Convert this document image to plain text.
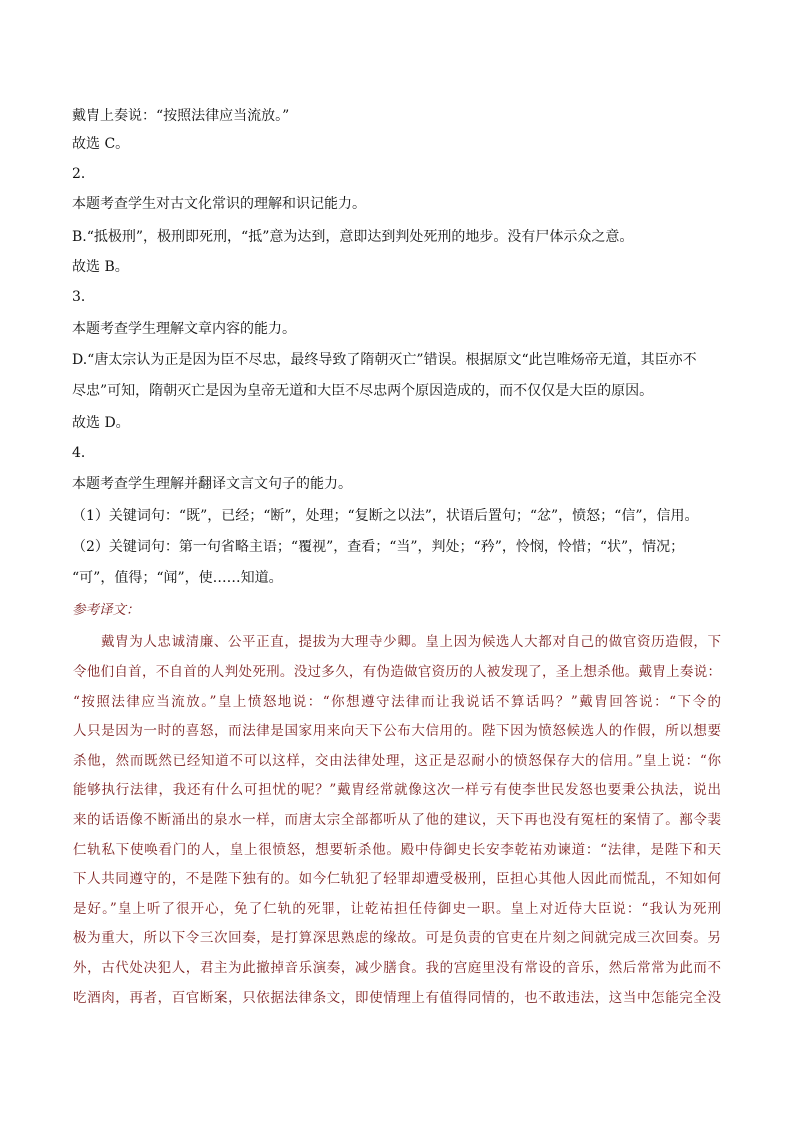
戴胄上奏说：“按照法律应当流放。”
故选 C。
2．
本题考查学生对古文化常识的理解和识记能力。
B.“抵极刑”，极刑即死刑，“抵”意为达到，意即达到判处死刑的地步。没有尸体示众之意。
故选 B。
3．
本题考查学生理解文章内容的能力。
D.“唐太宗认为正是因为臣不尽忠，最终导致了隋朝灭亡”错误。根据原文“此岂唯炀帝无道，其臣亦不
尽忠”可知，隋朝灭亡是因为皇帝无道和大臣不尽忠两个原因造成的，而不仅仅是大臣的原因。
故选 D。
4．
本题考查学生理解并翻译文言文句子的能力。
（1）关键词句：“既”，已经；“断”，处理；“复断之以法”，状语后置句；“忿”，愤怒；“信”，信用。
（2）关键词句：第一句省略主语；“覆视”，查看；“当”，判处；“矜”，怜悯，怜惜；“状”，情况；
“可”，值得；“闻”，使……知道。
参考译文：
戴胄为人忠诚清廉、公平正直，提拔为大理寺少卿。皇上因为候选人大都对自己的做官资历造假，下
令他们自首，不自首的人判处死刑。没过多久，有伪造做官资历的人被发现了，圣上想杀他。戴胄上奏说：
“按照法律应当流放。”皇上愤怒地说：“你想遵守法律而让我说话不算话吗？”戴胄回答说：“下令的
人只是因为一时的喜怒，而法律是国家用来向天下公布大信用的。陛下因为愤怒候选人的作假，所以想要
杀他，然而既然已经知道不可以这样，交由法律处理，这正是忍耐小的愤怒保存大的信用。”皇上说：“你
能够执行法律，我还有什么可担忧的呢？”戴胄经常就像这次一样亏有使李世民发怒也要秉公执法，说出
来的话语像不断涌出的泉水一样，而唐太宗全部都听从了他的建议，天下再也没有冤枉的案情了。鄯令裴
仁轨私下使唤看门的人，皇上很愤怒，想要斩杀他。殿中侍御史长安李乾祐劝谏道：“法律，是陛下和天
下人共同遵守的，不是陛下独有的。如今仁轨犯了轻罪却遭受极刑，臣担心其他人因此而慌乱，不知如何
是好。”皇上听了很开心，免了仁轨的死罪，让乾祐担任侍御史一职。皇上对近侍大臣说：“我认为死刑
极为重大，所以下令三次回奏，是打算深思熟虑的缘故。可是负责的官吏在片刻之间就完成三次回奏。另
外，古代处决犯人，君主为此撤掉音乐演奏，减少膳食。我的宫庭里没有常设的音乐，然后常常为此而不
吃酒肉，再者，百官断案，只依据法律条文，即使情理上有值得同情的，也不敢违法，这当中怎能完全没
